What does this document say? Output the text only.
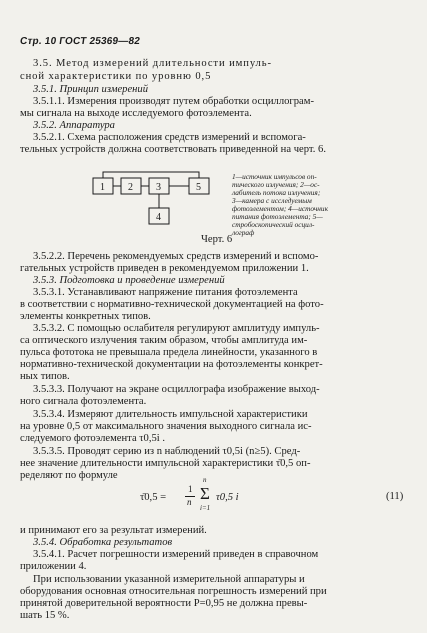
Стр. 10 ГОСТ 25369—82
3.5. Метод измерений длительности импуль-
сной характеристики по уровню 0,5
3.5.1. Принцип измерений
3.5.1.1. Измерения производят путем обработки осциллограм-
мы сигнала на выходе исследуемого фотоэлемента.
3.5.2. Аппаратура
3.5.2.1. Схема расположения средств измерений и вспомога-
тельных устройств должна соответствовать приведенной на черт. 6.
1 2 3	5
4
1—источник импульсов оп-
тического излучения; 2—ос-
лабитель потока излучения;
3—камера с исследуемым
фотоэлементом; 4—источник
питания фотоэлемента; 5—
стробоскопический осцил-
лограф
Черт. 6
3.5.2.2. Перечень рекомендуемых средств измерений и вспомо-
гательных устройств приведен в рекомендуемом приложении 1.
3.5.3. Подготовка и проведение измерений
3.5.3.1. Устанавливают напряжение питания фотоэлемента
в соответствии с нормативно-технической документацией на фото-
элементы конкретных типов.
3.5.3.2. С помощью ослабителя регулируют амплитуду импуль-
са оптического излучения таким образом, чтобы амплитуда им-
пульса фототока не превышала предела линейности, указанного в
нормативно-технической документации на фотоэлементы конкрет-
ных типов.
3.5.3.3. Получают на экране осциллографа изображение выход-
ного сигнала фотоэлемента.
3.5.3.4. Измеряют длительность импульсной характеристики
на уровне 0,5 от максимального значения выходного сигнала ис-
следуемого фотоэлемента τ0,5i .
3.5.3.5. Проводят серию из n наблюдений τ0,5i (n≥5). Сред-
нее значение длительности импульсной характеристики τ̄0,5 оп-
ределяют по формуле
τ̄0,5 =
1
n
n
Σ
i=1
τ0,5 i	(11)
и принимают его за результат измерений.
3.5.4. Обработка результатов
3.5.4.1. Расчет погрешности измерений приведен в справочном
приложении 4.
При использовании указанной измерительной аппаратуры и
оборудования основная относительная погрешность измерений при
принятой доверительной вероятности P=0,95 не должна превы-
шать 15 %.
